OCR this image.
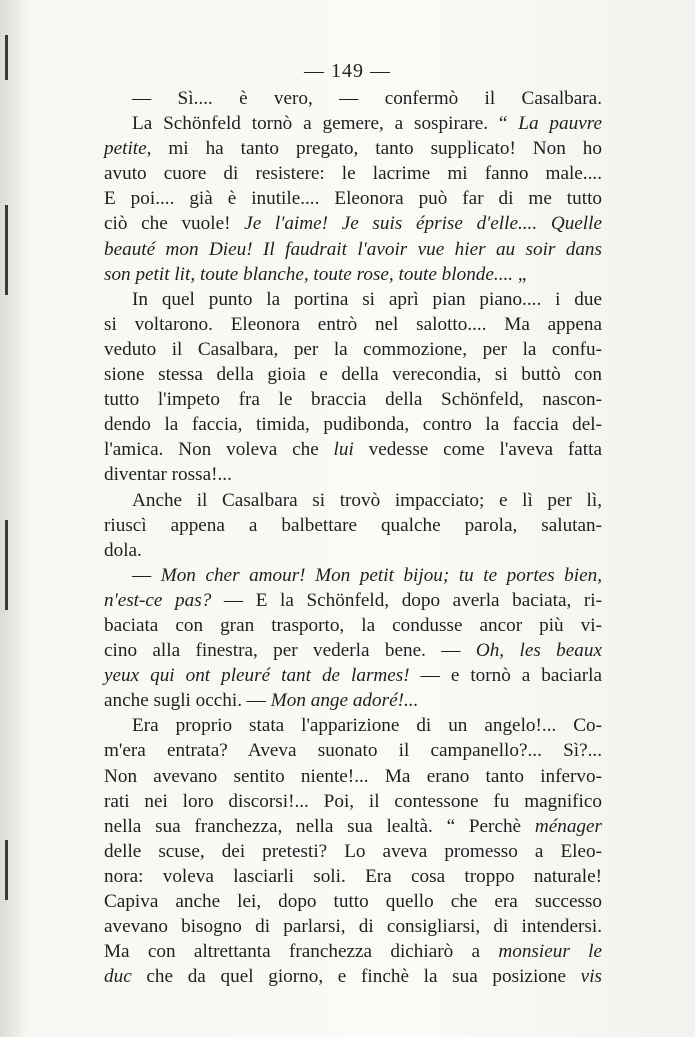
— 149 —
— Sì.... è vero, — confermò il Casalbara.
La Schönfeld tornò a gemere, a sospirare. “ La pauvre
petite, mi ha tanto pregato, tanto supplicato! Non ho
avuto cuore di resistere: le lacrime mi fanno male....
E poi.... già è inutile.... Eleonora può far di me tutto
ciò che vuole! Je l'aime! Je suis éprise d'elle.... Quelle
beauté mon Dieu! Il faudrait l'avoir vue hier au soir dans
son petit lit, toute blanche, toute rose, toute blonde.... „
In quel punto la portina si aprì pian piano.... i due
si voltarono. Eleonora entrò nel salotto.... Ma appena
veduto il Casalbara, per la commozione, per la confu-
sione stessa della gioia e della verecondia, si buttò con
tutto l'impeto fra le braccia della Schönfeld, nascon-
dendo la faccia, timida, pudibonda, contro la faccia del-
l'amica. Non voleva che lui vedesse come l'aveva fatta
diventar rossa!...
Anche il Casalbara si trovò impacciato; e lì per lì,
riuscì appena a balbettare qualche parola, salutan-
dola.
— Mon cher amour! Mon petit bijou; tu te portes bien,
n'est-ce pas? — E la Schönfeld, dopo averla baciata, ri-
baciata con gran trasporto, la condusse ancor più vi-
cino alla finestra, per vederla bene. — Oh, les beaux
yeux qui ont pleuré tant de larmes! — e tornò a baciarla
anche sugli occhi. — Mon ange adoré!...
Era proprio stata l'apparizione di un angelo!... Co-
m'era entrata? Aveva suonato il campanello?... Sì?...
Non avevano sentito niente!... Ma erano tanto infervo-
rati nei loro discorsi!... Poi, il contessone fu magnifico
nella sua franchezza, nella sua lealtà. “ Perchè ménager
delle scuse, dei pretesti? Lo aveva promesso a Eleo-
nora: voleva lasciarli soli. Era cosa troppo naturale!
Capiva anche lei, dopo tutto quello che era successo
avevano bisogno di parlarsi, di consigliarsi, di intendersi.
Ma con altrettanta franchezza dichiarò a monsieur le
duc che da quel giorno, e finchè la sua posizione vis
